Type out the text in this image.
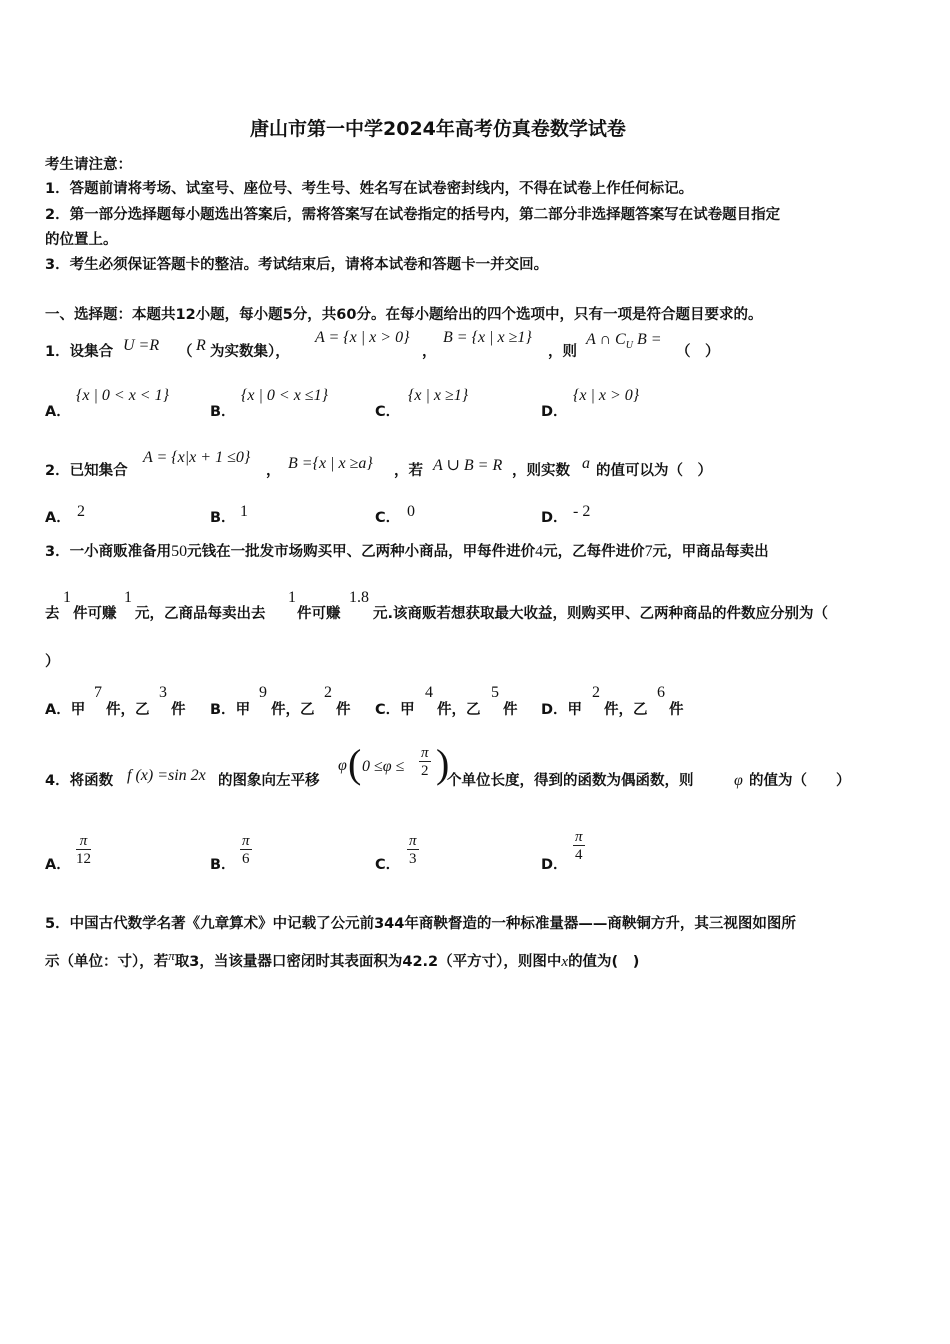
唐山市第一中学2024年高考仿真卷数学试卷
考生请注意：
1．答题前请将考场、试室号、座位号、考生号、姓名写在试卷密封线内，不得在试卷上作任何标记。
2．第一部分选择题每小题选出答案后，需将答案写在试卷指定的括号内，第二部分非选择题答案写在试卷题目指定
的位置上。
3．考生必须保证答题卡的整洁。考试结束后，请将本试卷和答题卡一并交回。
一、选择题：本题共12小题，每小题5分，共60分。在每小题给出的四个选项中，只有一项是符合题目要求的。
1．设集合 U =R （ R 为实数集），
A = {x | x > 0}
，
B = {x | x ≥1}
，则
A ∩ $C_U$ B =
（　）
A．
{x | 0 < x < 1}
B．
{x | 0 < x ≤1}
C．
{x | x ≥1}
D．
{x | x > 0}
2．已知集合
A = {x|x + 1 ≤0}
， B ={x | x ≥a} ，若 A ∪ B = R ，则实数 a 的值可以为（　）
A． 2	B． 1	C． 0	D． - 2
3．一小商贩准备用50元钱在一批发市场购买甲、乙两种小商品，甲每件进价4元，乙每件进价7元，甲商品每卖出
去
1
件可赚
1
元，乙商品每卖出去
1
件可赚
1.8
元.该商贩若想获取最大收益，则购买甲、乙两种商品的件数应分别为（
）
A．甲
7
件，乙
3
件 B．甲
9
件，乙
2
件 C．甲
4
件，乙
5
件 D．甲
2
件，乙
6
件
4．将函数 f (x) =sin 2x 的图象向左平移
φ ( $0 \le\varphi \le \frac{\pi}{2}$ )
个单位长度，得到的函数为偶函数，则	φ 的值为（　　）
A． $\frac{\pi}{12}$	B． $\frac{\pi}{6}$	C． $\frac{\pi}{3}$	D．
$\frac{\pi}{4}$
5．中国古代数学名著《九章算术》中记载了公元前344年商鞅督造的一种标准量器——商鞅铜方升，其三视图如图所
示（单位：寸），若π取3，当该量器口密闭时其表面积为42.2（平方寸），则图中x的值为(　)
